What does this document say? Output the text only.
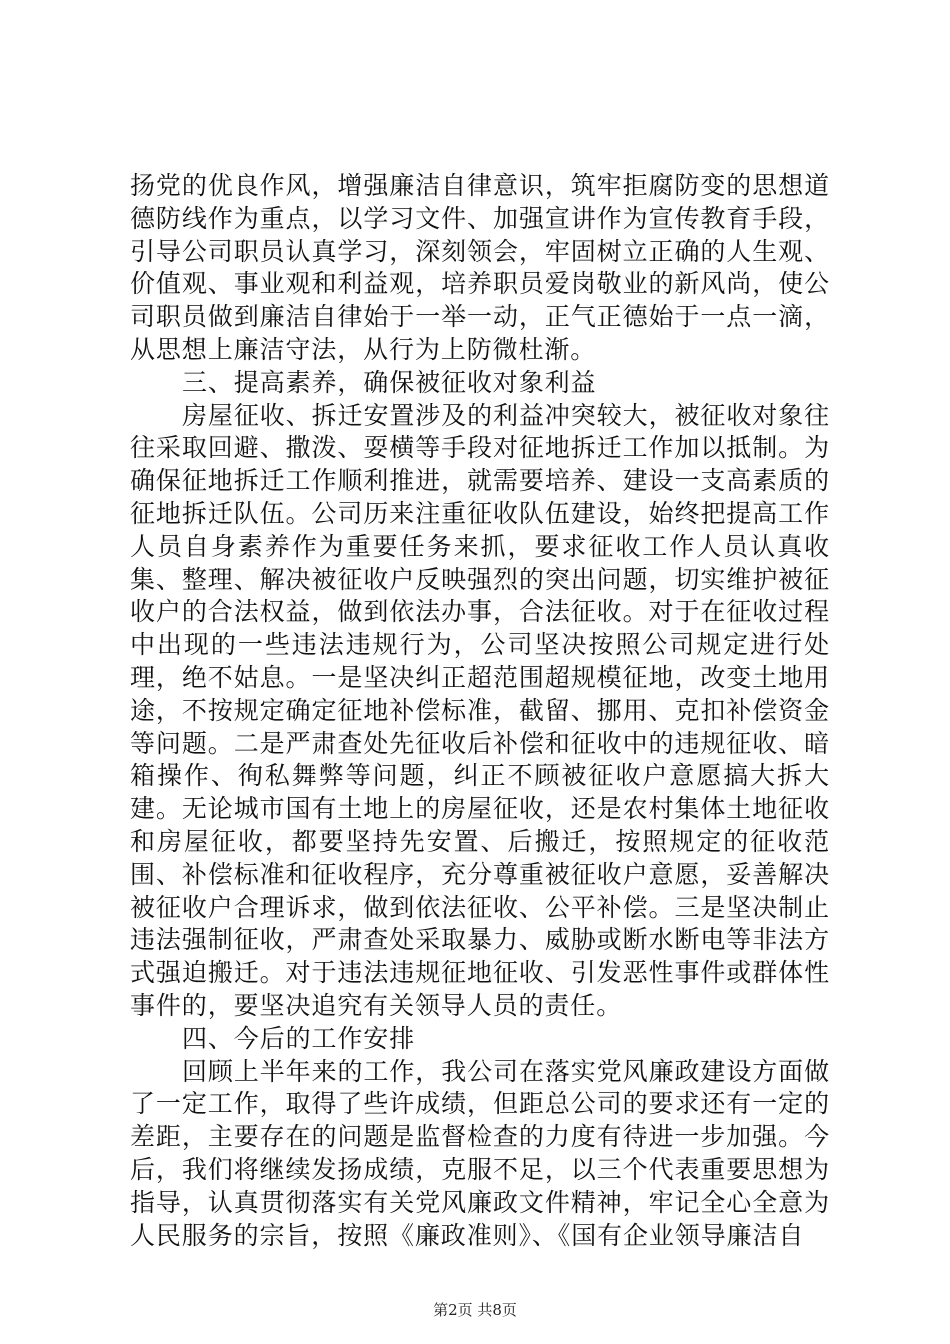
扬党的优良作风，增强廉洁自律意识，筑牢拒腐防变的思想道德防线作为重点，以学习文件、加强宣讲作为宣传教育手段，引导公司职员认真学习，深刻领会，牢固树立正确的人生观、价值观、事业观和利益观，培养职员爱岗敬业的新风尚，使公司职员做到廉洁自律始于一举一动，正气正德始于一点一滴，从思想上廉洁守法，从行为上防微杜渐。

三、提高素养，确保被征收对象利益

房屋征收、拆迁安置涉及的利益冲突较大，被征收对象往往采取回避、撒泼、耍横等手段对征地拆迁工作加以抵制。为确保征地拆迁工作顺利推进，就需要培养、建设一支高素质的征地拆迁队伍。公司历来注重征收队伍建设，始终把提高工作人员自身素养作为重要任务来抓，要求征收工作人员认真收集、整理、解决被征收户反映强烈的突出问题，切实维护被征收户的合法权益，做到依法办事，合法征收。对于在征收过程中出现的一些违法违规行为，公司坚决按照公司规定进行处理，绝不姑息。一是坚决纠正超范围超规模征地，改变土地用途，不按规定确定征地补偿标准，截留、挪用、克扣补偿资金等问题。二是严肃查处先征收后补偿和征收中的违规征收、暗箱操作、徇私舞弊等问题，纠正不顾被征收户意愿搞大拆大建。无论城市国有土地上的房屋征收，还是农村集体土地征收和房屋征收，都要坚持先安置、后搬迁，按照规定的征收范围、补偿标准和征收程序，充分尊重被征收户意愿，妥善解决被征收户合理诉求，做到依法征收、公平补偿。三是坚决制止违法强制征收，严肃查处采取暴力、威胁或断水断电等非法方式强迫搬迁。对于违法违规征地征收、引发恶性事件或群体性事件的，要坚决追究有关领导人员的责任。

四、今后的工作安排

回顾上半年来的工作，我公司在落实党风廉政建设方面做了一定工作，取得了些许成绩，但距总公司的要求还有一定的差距，主要存在的问题是监督检查的力度有待进一步加强。今后，我们将继续发扬成绩，克服不足，以三个代表重要思想为指导，认真贯彻落实有关党风廉政文件精神，牢记全心全意为人民服务的宗旨，按照《廉政准则》、《国有企业领导廉洁自

第2页 共8页
